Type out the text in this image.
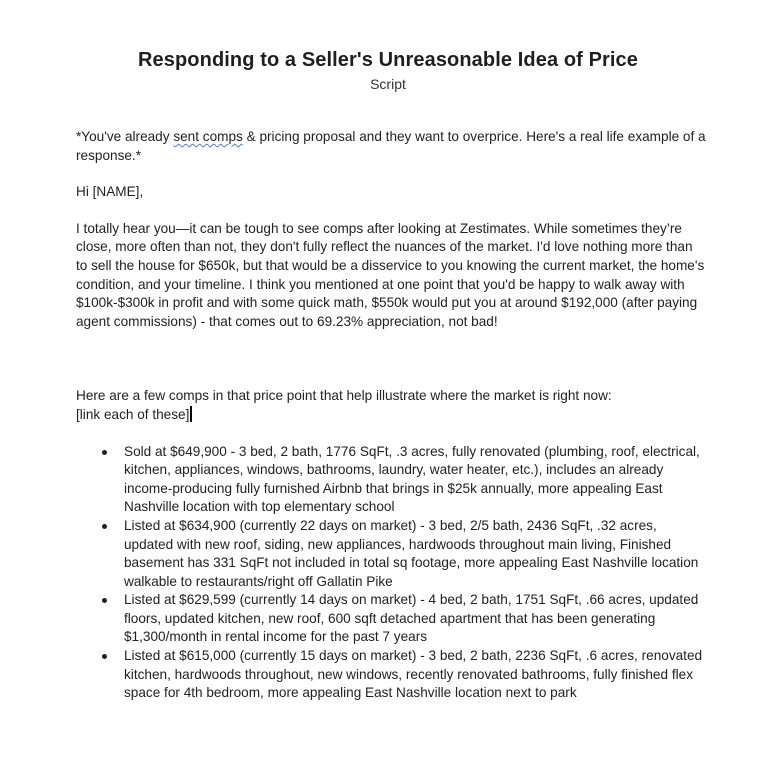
Responding to a Seller's Unreasonable Idea of Price
Script

*You've already sent comps & pricing proposal and they want to overprice. Here's a real life example of a response.*

Hi [NAME],

I totally hear you—it can be tough to see comps after looking at Zestimates. While sometimes they’re close, more often than not, they don't fully reflect the nuances of the market. I'd love nothing more than to sell the house for $650k, but that would be a disservice to you knowing the current market, the home's condition, and your timeline. I think you mentioned at one point that you'd be happy to walk away with $100k-$300k in profit and with some quick math, $550k would put you at around $192,000 (after paying agent commissions) - that comes out to 69.23% appreciation, not bad!

Here are a few comps in that price point that help illustrate where the market is right now:
[link each of these]

Sold at $649,900 - 3 bed, 2 bath, 1776 SqFt, .3 acres, fully renovated (plumbing, roof, electrical, kitchen, appliances, windows, bathrooms, laundry, water heater, etc.), includes an already income-producing fully furnished Airbnb that brings in $25k annually, more appealing East Nashville location with top elementary school
Listed at $634,900 (currently 22 days on market) - 3 bed, 2/5 bath, 2436 SqFt, .32 acres, updated with new roof, siding, new appliances, hardwoods throughout main living, Finished basement has 331 SqFt not included in total sq footage, more appealing East Nashville location walkable to restaurants/right off Gallatin Pike
Listed at $629,599 (currently 14 days on market) - 4 bed, 2 bath, 1751 SqFt, .66 acres, updated floors, updated kitchen, new roof, 600 sqft detached apartment that has been generating $1,300/month in rental income for the past 7 years
Listed at $615,000 (currently 15 days on market) - 3 bed, 2 bath, 2236 SqFt, .6 acres, renovated kitchen, hardwoods throughout, new windows, recently renovated bathrooms, fully finished flex space for 4th bedroom, more appealing East Nashville location next to park
